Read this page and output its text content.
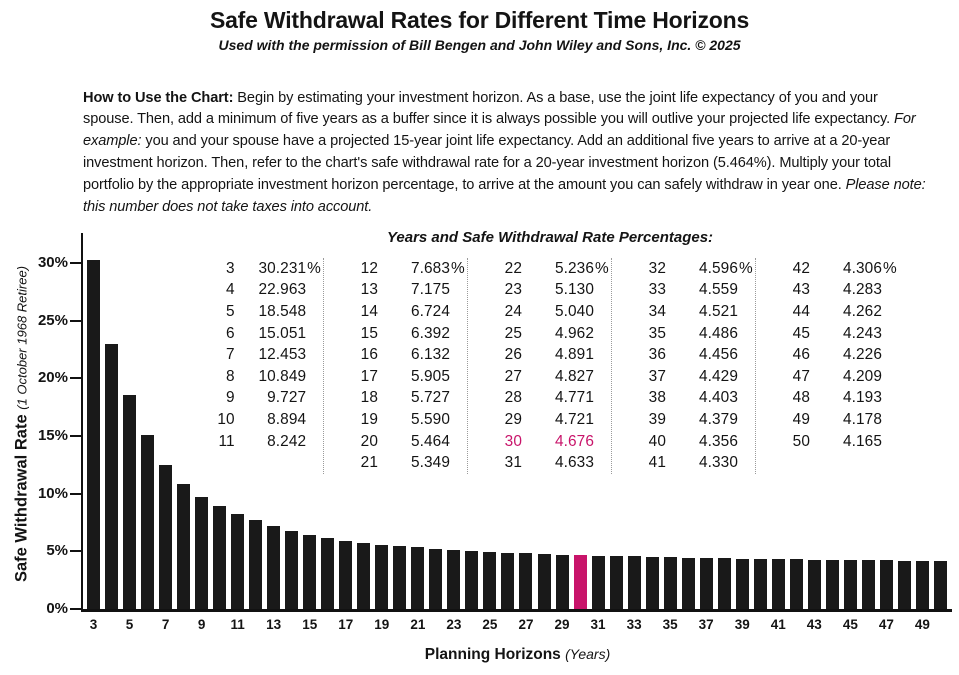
Safe Withdrawal Rates for Different Time Horizons
Used with the permission of Bill Bengen and John Wiley and Sons, Inc. © 2025

How to Use the Chart: Begin by estimating your investment horizon. As a base, use the joint life expectancy of you and your spouse. Then, add a minimum of five years as a buffer since it is always possible you will outlive your projected life expectancy. For example: you and your spouse have a projected 15-year joint life expectancy. Add an additional five years to arrive at a 20-year investment horizon. Then, refer to the chart's safe withdrawal rate for a 20-year investment horizon (5.464%). Multiply your total portfolio by the appropriate investment horizon percentage, to arrive at the amount you can safely withdraw in year one. Please note: this number does not take taxes into account.

Safe Withdrawal Rate (1 October 1968 Retiree)
Planning Horizons (Years)
3	5	7	9	11	13	15	17	19	21	23	25	27	29	31	33	35	37	39	41	43	45	47	49
0%
5%
10%
15%
20%
25%
30%
Years and Safe Withdrawal Rate Percentages:
3	30.231 %
4	22.963
5	18.548
6	15.051
7	12.453
8	10.849
9	9.727
10	8.894
11	8.242
12	7.683 %
13	7.175
14	6.724
15	6.392
16	6.132
17	5.905
18	5.727
19	5.590
20	5.464
21	5.349
22	5.236 %
23	5.130
24	5.040
25	4.962
26	4.891
27	4.827
28	4.771
29	4.721
30	4.676
31	4.633
32	4.596 %
33	4.559
34	4.521
35	4.486
36	4.456
37	4.429
38	4.403
39	4.379
40	4.356
41	4.330
42	4.306 %
43	4.283
44	4.262
45	4.243
46	4.226
47	4.209
48	4.193
49	4.178
50	4.165
